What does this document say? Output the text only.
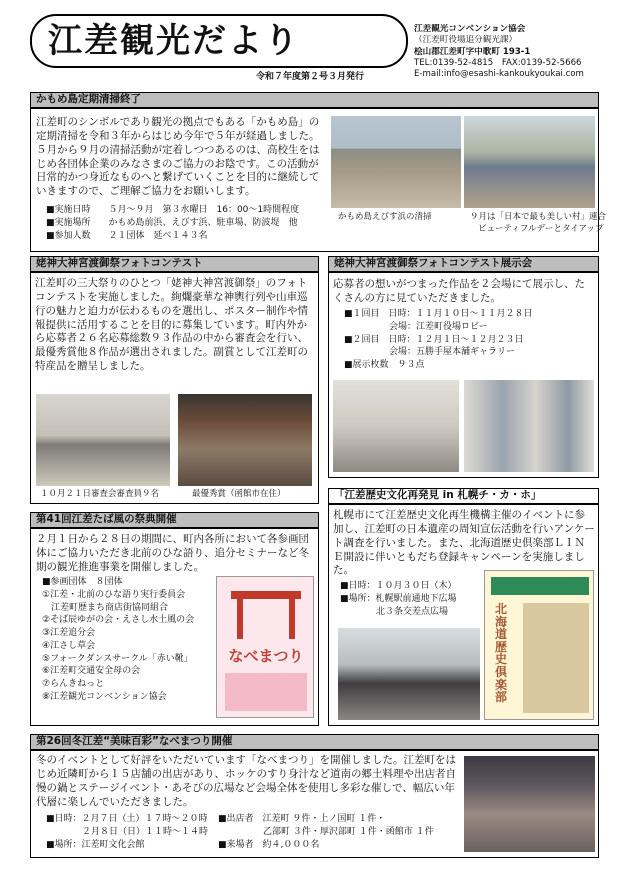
江差観光だより
令和７年度第２号３月発行
江差観光コンベンション協会
（江差町役場追分観光課）
桧山郡江差町字中歌町 193-1
TEL:0139-52-4815　FAX:0139-52-5666
E-mail:info@esashi-kankoukyoukai.com
かもめ島定期清掃終了
江差町のシンボルであり観光の拠点でもある「かもめ島」の定期清掃を令和３年からはじめ今年で５年が経過しました。５月から９月の清掃活動が定着しつつあるのは、高校生をはじめ各団体企業のみなさまのご協力のお陰です。この活動が日常的かつ身近なものへと繋げていくことを目的に継続していきますので、ご理解ご協力をお願いします。
■実施日時　　５月～９月　第３水曜日　16：00～1時間程度
■実施場所　　かもめ島前浜、えびす浜、駐車場、防波堤　他
■参加人数　　２１団体　延べ１４３名
かもめ島えびす浜の清掃	９月は「日本で最も美しい村」連合
ビューティフルデーとタイアップ
姥神大神宮渡御祭フォトコンテスト
江差町の三大祭りのひとつ「姥神大神宮渡御祭」のフォトコンテストを実施しました。絢爛豪華な神輿行列や山車巡行の魅力と迫力が伝わるものを選出し、ポスター制作や情報提供に活用することを目的に募集しています。町内外から応募者２６名応募総数９３作品の中から審査会を行い、最優秀賞他８作品が選出されました。副賞として江差町の特産品を贈呈しました。
１０月２１日審査会審査員９名	最優秀賞（函館市在住）
姥神大神宮渡御祭フォトコンテスト展示会
応募者の想いがつまった作品を２会場にて展示し、たくさんの方に見ていただきました。
■１回目　日時：１１月１０日～１１月２８日
　　　　　会場：江差町役場ロビー
■２回目　日時：１２月１日～１２月２３日
　　　　　会場：五勝手屋本舗ギャラリー
■展示枚数　９３点
第41回江差たば風の祭典開催
２月１日から２８日の期間に、町内各所において各参画団体にご協力いただき北前のひな語り、追分セミナーなど冬期の観光推進事業を開催しました。
■参画団体　８団体
①江差・北前のひな語り実行委員会
　江差町歴まち商店街協同組合
②そば辰ゆがの会・えさし水土風の会
③江差追分会
④江さし草会
⑤フォークダンスサークル「赤い靴」
⑥江差町交通安全母の会
⑦らんきねっと
⑧江差観光コンベンション協会
なべまつり
「江差歴史文化再発見 in 札幌チ・カ・ホ」
札幌市にて江差歴史文化再生機構主催のイベントに参加し、江差町の日本遺産の周知宣伝活動を行いアンケート調査を行いました。また、北海道歴史倶楽部ＬＩＮＥ開設に伴いともだち登録キャンペーンを実施しました。
■日時：１０月３０日（木）
■場所：札幌駅前通地下広場
　　　　北３条交差点広場	北海道歴史倶楽部
第26回冬江差“美味百彩”なべまつり開催
冬のイベントとして好評をいただいています「なべまつり」を開催しました。江差町をはじめ近隣町から１５店舗の出店があり、ホッケのすり身汁など道南の郷土料理や出店者自慢の鍋とステージイベント・あそびの広場など会場全体を使用し多彩な催しで、幅広い年代層に楽しんでいただきました。
■日時：２月７日（土）１７時～２０時
　　　　２月８日（日）１１時～１４時
■場所：江差町文化会館
■出店者　江差町 ９件・上ノ国町 １件・
　　　　　乙部町 ３件・厚沢部町 １件・函館市 １件
■来場者　約４,０００名
